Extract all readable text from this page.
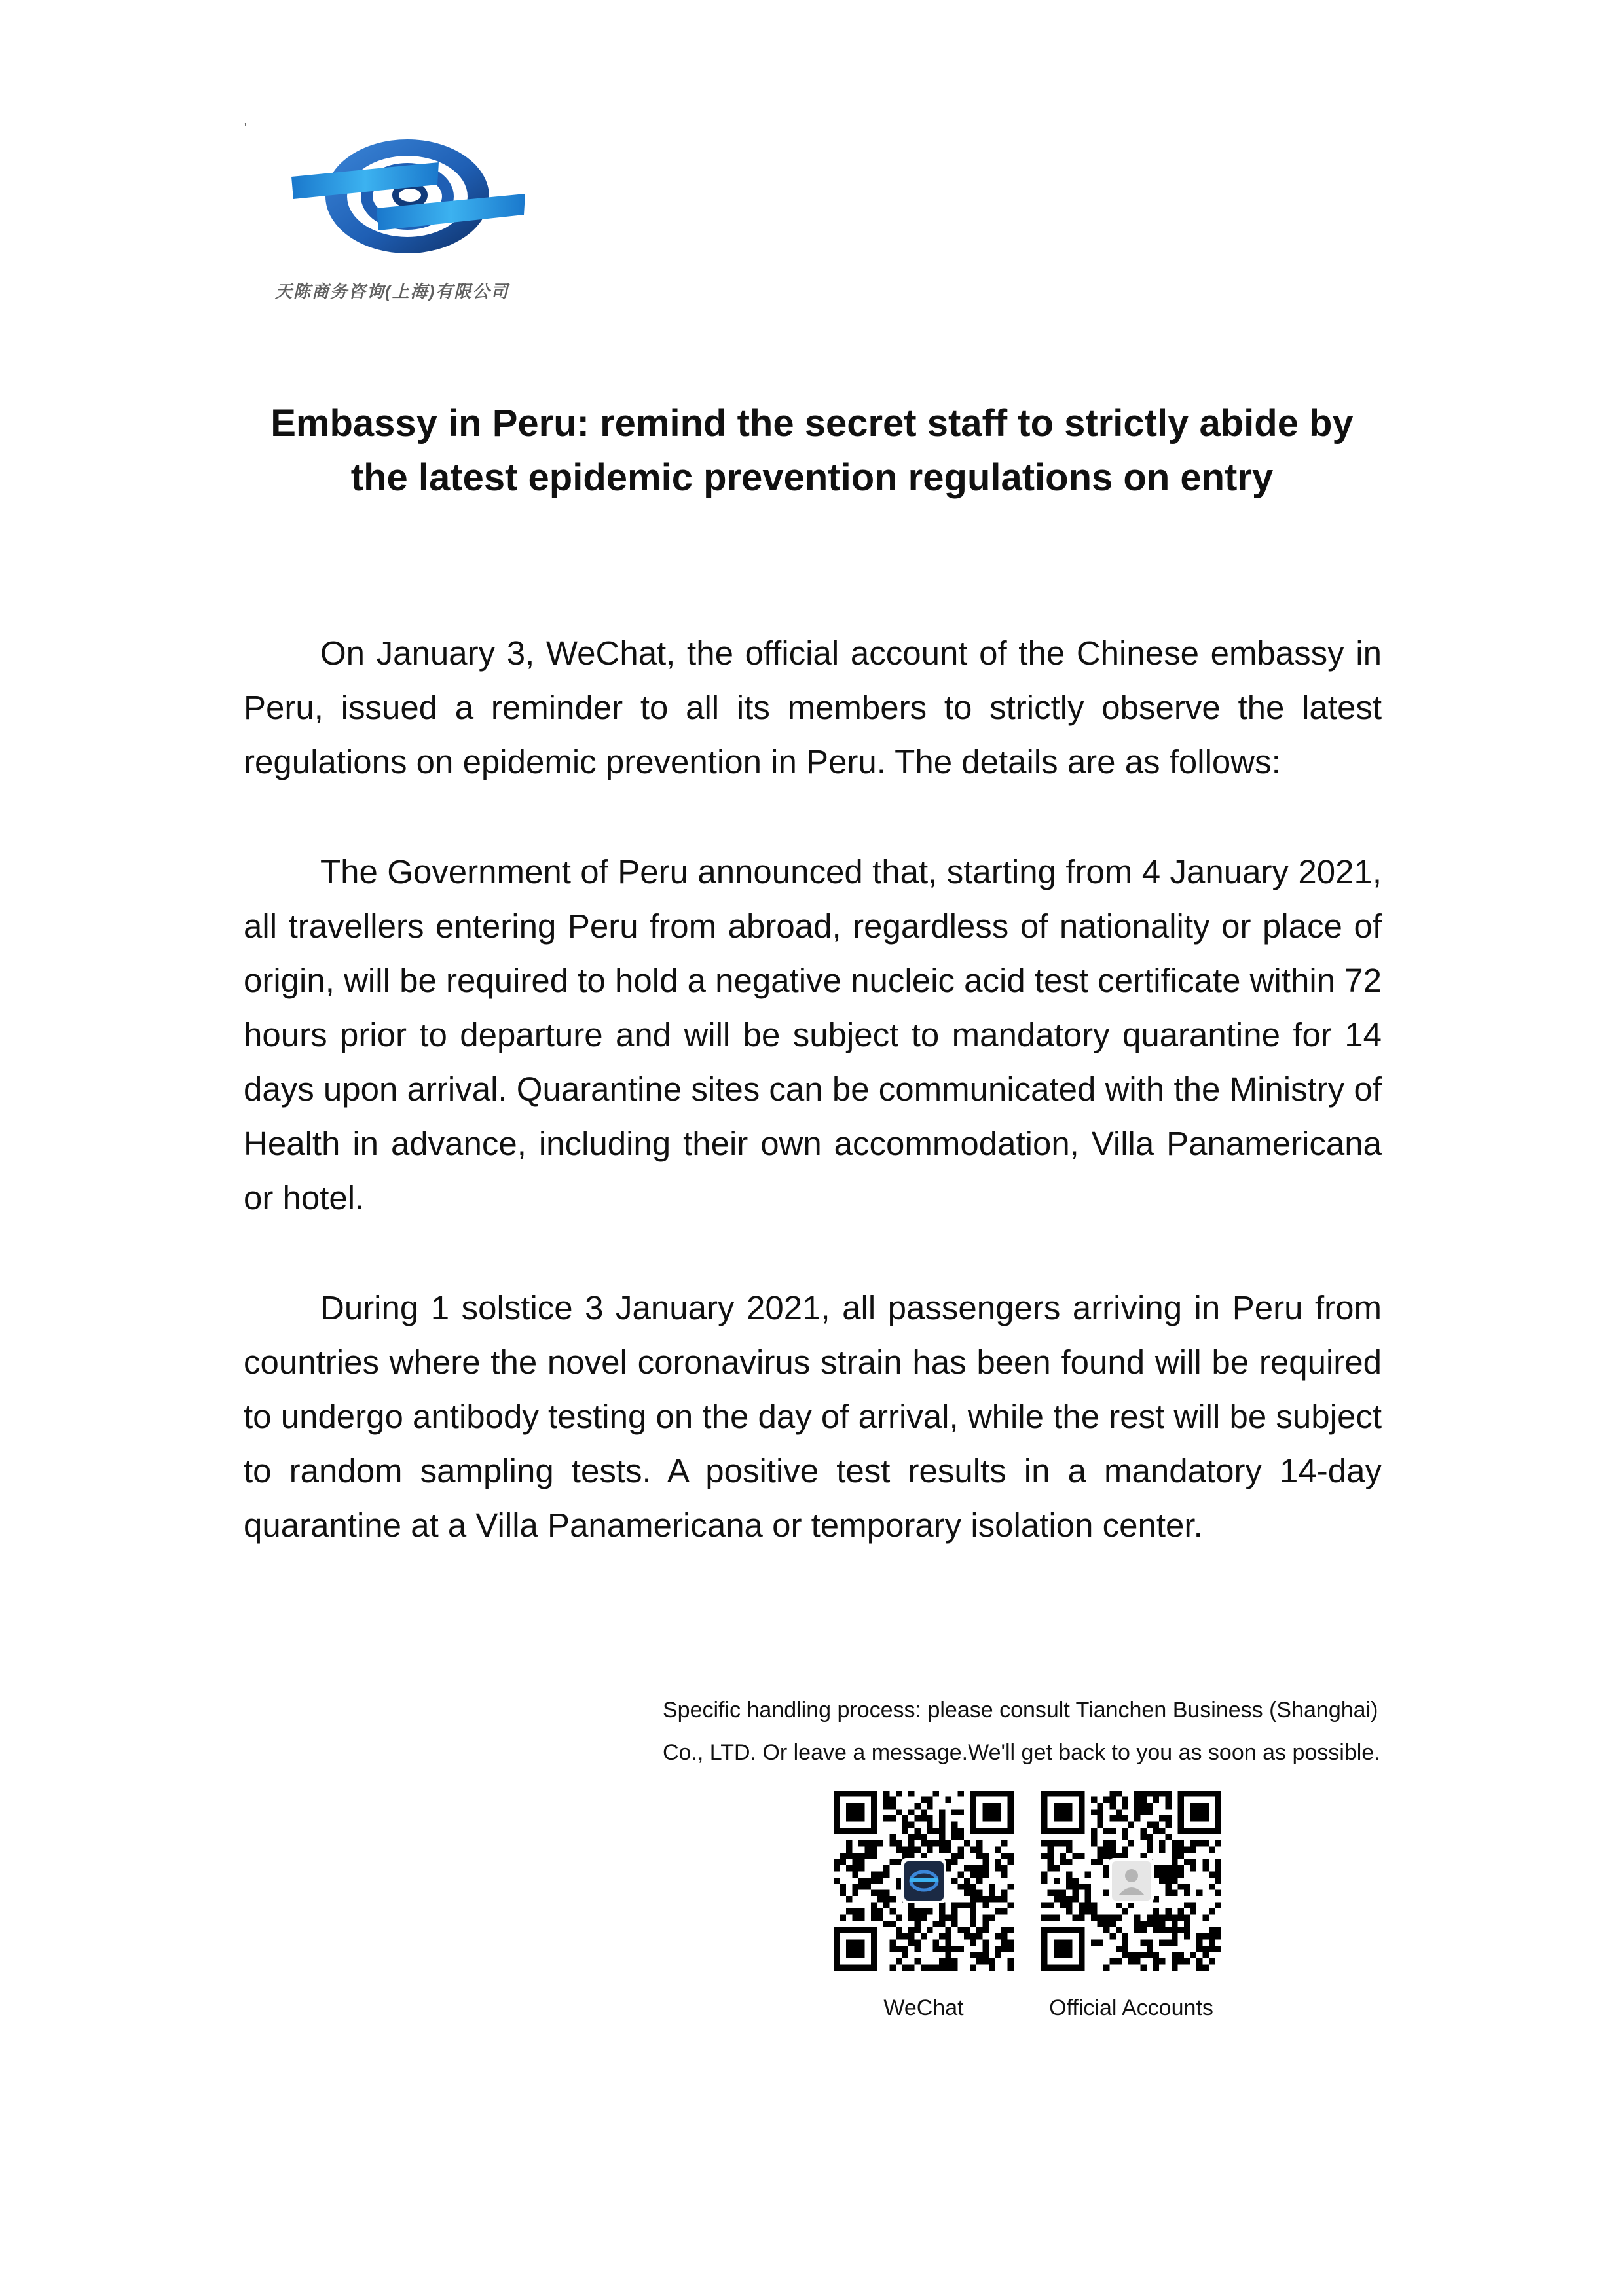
'
天陈商务咨询(上海)有限公司
Embassy in Peru: remind the secret staff to strictly abide by the latest epidemic prevention regulations on entry

On January 3, WeChat, the official account of the Chinese embassy in Peru, issued a reminder to all its members to strictly observe the latest regulations on epidemic prevention in Peru. The details are as follows:

The Government of Peru announced that, starting from 4 January 2021, all travellers entering Peru from abroad, regardless of nationality or place of origin, will be required to hold a negative nucleic acid test certificate within 72 hours prior to departure and will be subject to mandatory quarantine for 14 days upon arrival. Quarantine sites can be communicated with the Ministry of Health in advance, including their own accommodation, Villa Panamericana or hotel.

During 1 solstice 3 January 2021, all passengers arriving in Peru from countries where the novel coronavirus strain has been found will be required to undergo antibody testing on the day of arrival, while the rest will be subject to random sampling tests. A positive test results in a mandatory 14-day quarantine at a Villa Panamericana or temporary isolation center.

Specific handling process: please consult Tianchen Business (Shanghai)
Co., LTD. Or leave a message.We'll get back to you as soon as possible.
WeChat	Official Accounts
